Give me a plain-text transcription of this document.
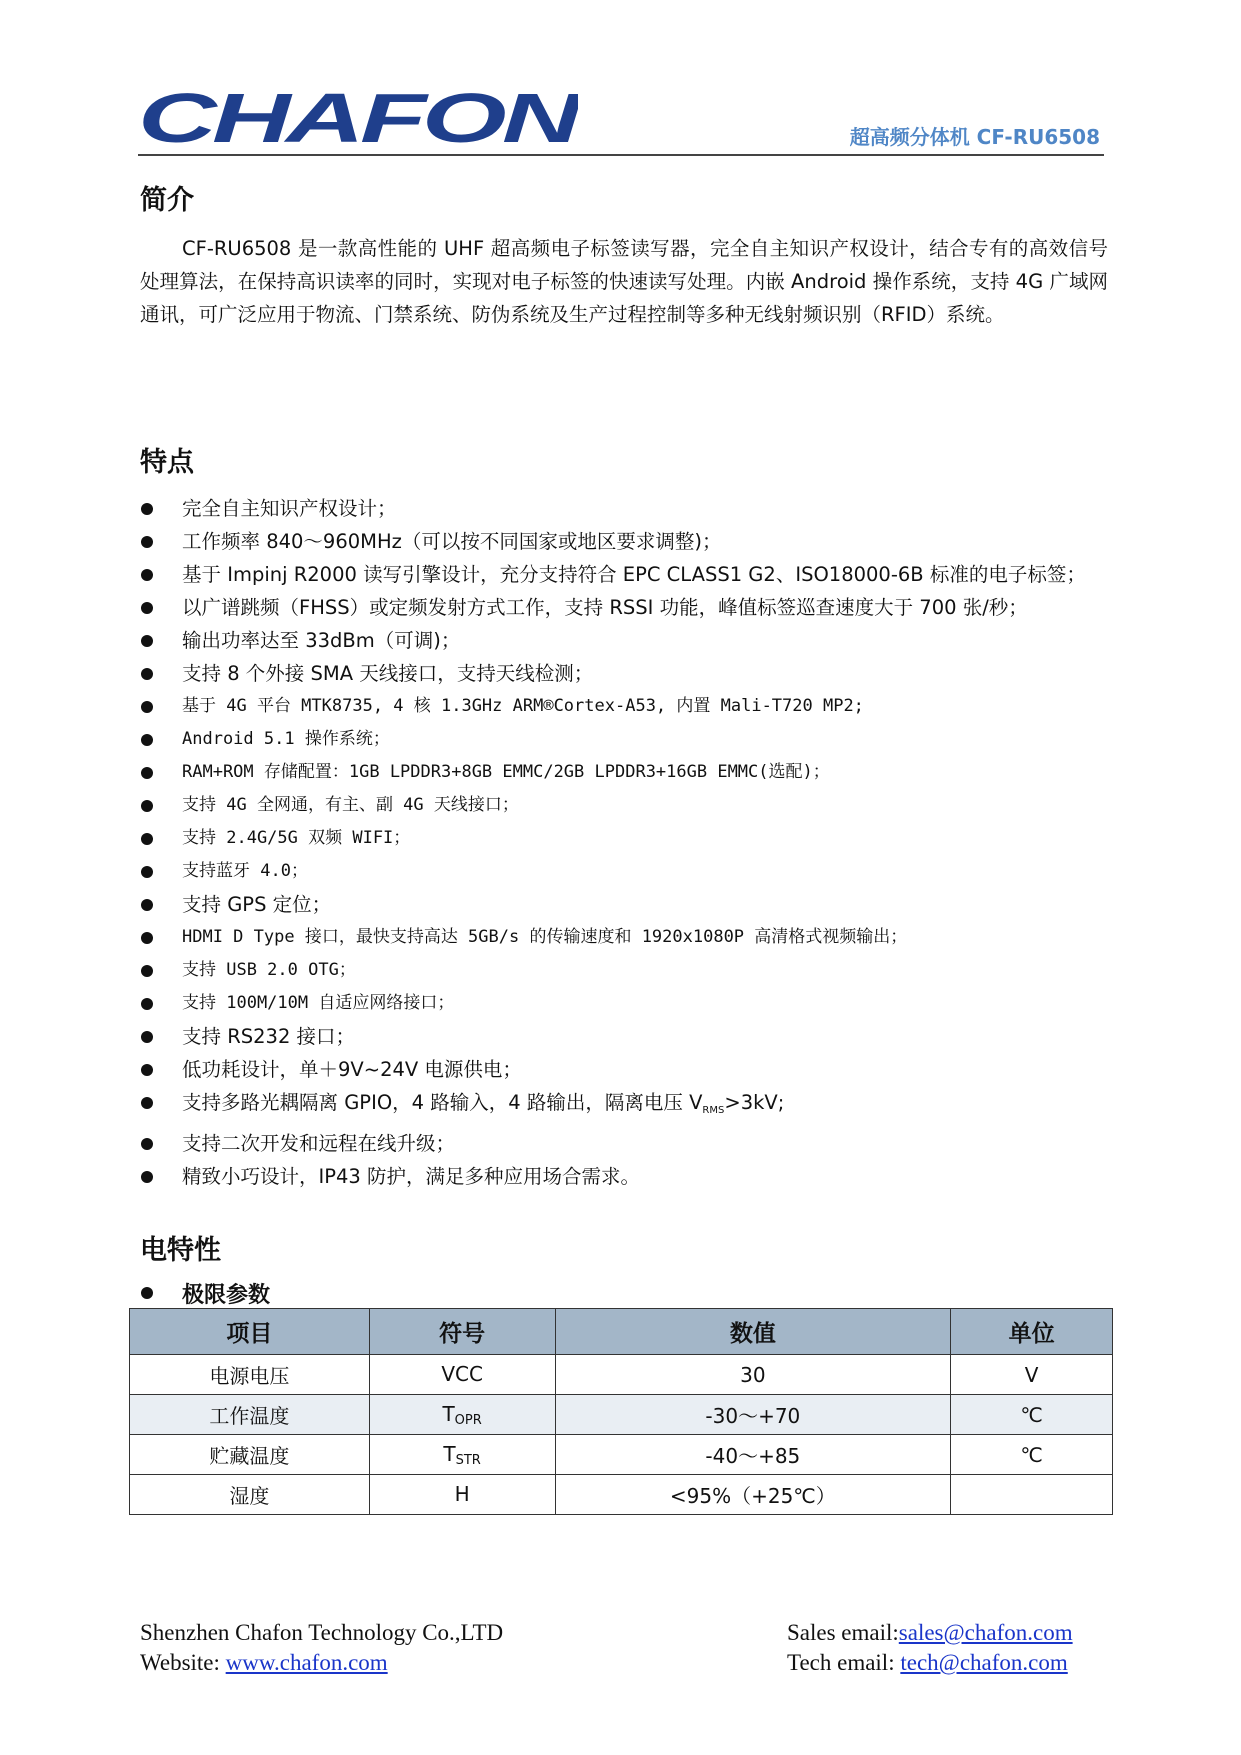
CHAFON	超高频分体机 CF-RU6508
简介

CF-RU6508 是一款高性能的 UHF 超高频电子标签读写器，完全自主知识产权设计，结合专有的高效信号处理算法，在保持高识读率的同时，实现对电子标签的快速读写处理。内嵌 Android 操作系统，支持 4G 广域网通讯，可广泛应用于物流、门禁系统、防伪系统及生产过程控制等多种无线射频识别（RFID）系统。

特点
完全自主知识产权设计；
工作频率 840～960MHz（可以按不同国家或地区要求调整)；
基于 Impinj R2000 读写引擎设计，充分支持符合 EPC CLASS1 G2、ISO18000-6B 标准的电子标签；
以广谱跳频（FHSS）或定频发射方式工作，支持 RSSI 功能，峰值标签巡查速度大于 700 张/秒；
输出功率达至 33dBm（可调)；
支持 8 个外接 SMA 天线接口，支持天线检测；
基于 4G 平台 MTK8735, 4 核 1.3GHz ARM®Cortex-A53, 内置 Mali-T720 MP2;
Android 5.1 操作系统；
RAM+ROM 存储配置：1GB LPDDR3+8GB EMMC/2GB LPDDR3+16GB EMMC(选配)；
支持 4G 全网通，有主、副 4G 天线接口；
支持 2.4G/5G 双频 WIFI；
支持蓝牙 4.0；
支持 GPS 定位；
HDMI D Type 接口，最快支持高达 5GB/s 的传输速度和 1920x1080P 高清格式视频输出；
支持 USB 2.0 OTG；
支持 100M/10M 自适应网络接口；
支持 RS232 接口；
低功耗设计，单＋9V~24V 电源供电；
支持多路光耦隔离 GPIO，4 路输入，4 路输出，隔离电压 $V_{RMS}>3kV$;
支持二次开发和远程在线升级；
精致小巧设计，IP43 防护，满足多种应用场合需求。
电特性
极限参数
项目	符号	数值	单位
电源电压	VCC	30	V
工作温度	TOPR	-30～+70	℃
贮藏温度	TSTR	-40～+85	℃
湿度	H	<95%（+25℃）	
Shenzhen Chafon Technology Co.,LTD
Website: www.chafon.com
Sales email:sales@chafon.com
Tech email: tech@chafon.com
